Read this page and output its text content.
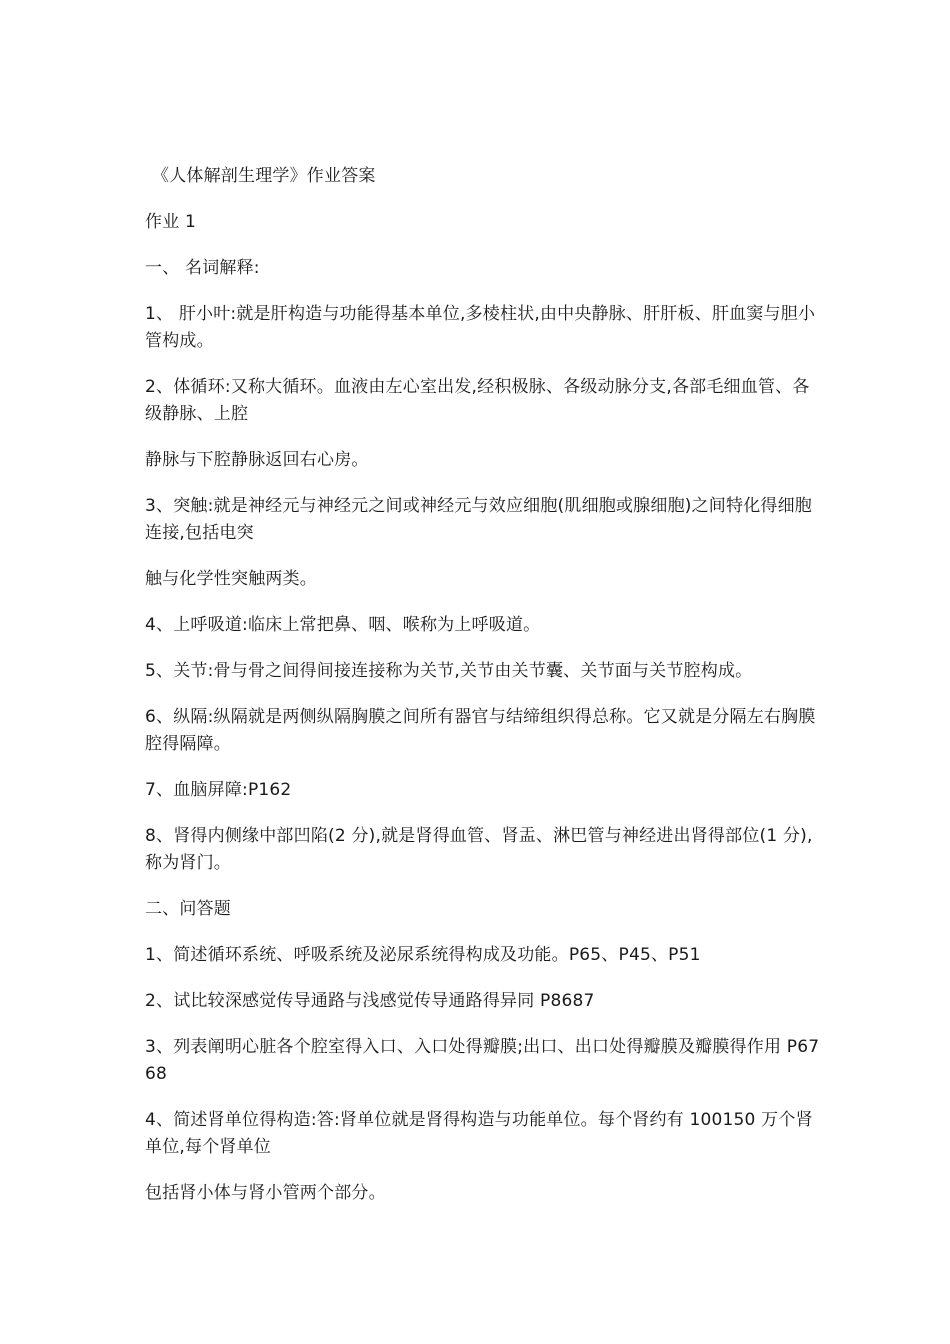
《人体解剖生理学》作业答案

作业 1

一、 名词解释:

1、 肝小叶:就是肝构造与功能得基本单位,多棱柱状,由中央静脉、肝肝板、肝血窦与胆小管构成。

2、体循环:又称大循环。血液由左心室出发,经积极脉、各级动脉分支,各部毛细血管、各级静脉、上腔

静脉与下腔静脉返回右心房。

3、突触:就是神经元与神经元之间或神经元与效应细胞(肌细胞或腺细胞)之间特化得细胞连接,包括电突

触与化学性突触两类。

4、上呼吸道:临床上常把鼻、咽、喉称为上呼吸道。

5、关节:骨与骨之间得间接连接称为关节,关节由关节囊、关节面与关节腔构成。

6、纵隔:纵隔就是两侧纵隔胸膜之间所有器官与结缔组织得总称。它又就是分隔左右胸膜腔得隔障。

7、血脑屏障:P162

8、肾得内侧缘中部凹陷(2 分),就是肾得血管、肾盂、淋巴管与神经进出肾得部位(1 分),称为肾门。

二、问答题

1、简述循环系统、呼吸系统及泌尿系统得构成及功能。P65、P45、P51

2、试比较深感觉传导通路与浅感觉传导通路得异同 P8687

3、列表阐明心脏各个腔室得入口、入口处得瓣膜;出口、出口处得瓣膜及瓣膜得作用 P6768

4、简述肾单位得构造:答:肾单位就是肾得构造与功能单位。每个肾约有 100150 万个肾单位,每个肾单位

包括肾小体与肾小管两个部分。
